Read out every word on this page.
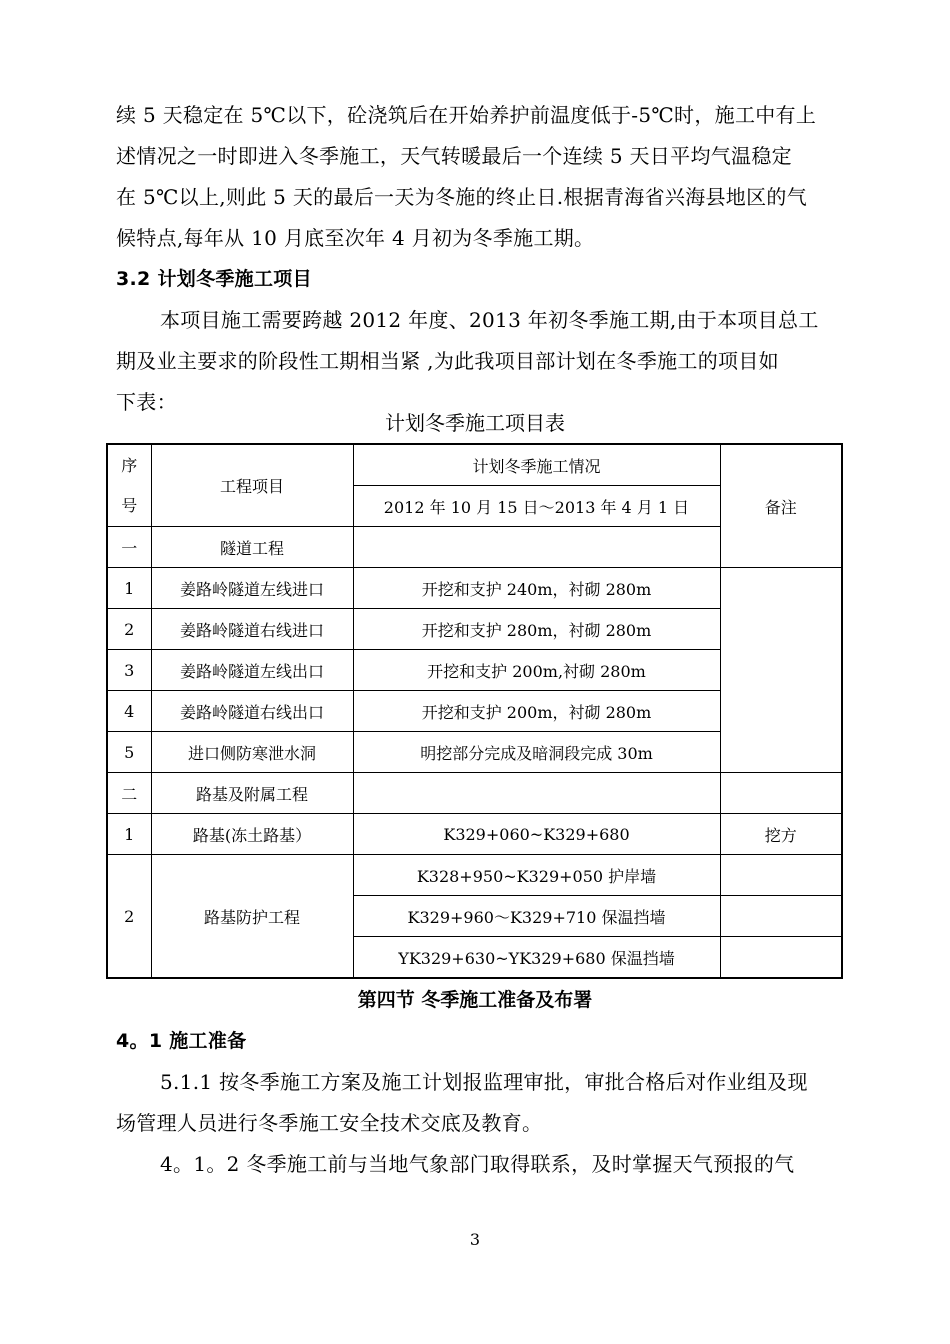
续 5 天稳定在 5℃以下，砼浇筑后在开始养护前温度低于-5℃时，施工中有上
述情况之一时即进入冬季施工，天气转暖最后一个连续 5 天日平均气温稳定
在 5℃以上,则此 5 天的最后一天为冬施的终止日.根据青海省兴海县地区的气
候特点,每年从 10 月底至次年 4 月初为冬季施工期。
3.2 计划冬季施工项目
本项目施工需要跨越 2012 年度、2013 年初冬季施工期,由于本项目总工
期及业主要求的阶段性工期相当紧 ,为此我项目部计划在冬季施工的项目如
下表：
计划冬季施工项目表
序
号	工程项目	计划冬季施工情况	备注
		2012 年 10 月 15 日～2013 年 4 月 1 日	
一	隧道工程		
1	姜路岭隧道左线进口	开挖和支护 240m，衬砌 280m	
2	姜路岭隧道右线进口	开挖和支护 280m，衬砌 280m	
3	姜路岭隧道左线出口	开挖和支护 200m,衬砌 280m	
4	姜路岭隧道右线出口	开挖和支护 200m，衬砌 280m	
5	进口侧防寒泄水洞	明挖部分完成及暗洞段完成 30m	
二	路基及附属工程		
1	路基(冻土路基）	K329+060~K329+680	挖方
2	路基防护工程	K328+950~K329+050 护岸墙	
		K329+960～K329+710 保温挡墙	
		YK329+630~YK329+680 保温挡墙	
第四节 冬季施工准备及布署
4。1 施工准备
5.1.1 按冬季施工方案及施工计划报监理审批，审批合格后对作业组及现
场管理人员进行冬季施工安全技术交底及教育。
4。1。2 冬季施工前与当地气象部门取得联系，及时掌握天气预报的气
3
